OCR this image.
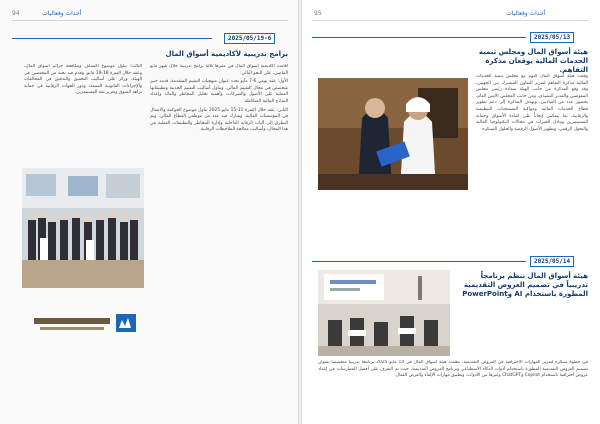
94	أحداث وفعاليات
2025/05/19-6
برامج تدريبية لأكاديمية أسواق المال

أقامت أكاديمية أسواق المال في مقرها ثلاثة برامج تدريبية خلال شهر مايو الماضي، على النحو التالي:

الأول: عقد يومي 6-7 مايو تحت عنوان منهجيات التقييم المتقدمة، قدمه خبير متخصص في مجال التقييم المالي، وتناول أساليب التقييم الحديثة وتطبيقاتها العملية على الأصول والشركات، وأهمية تحليل المخاطر والعائد وإعداد النماذج المالية المتكاملة.

الثاني: عقد خلال الفترة 11-15 مايو 2025 تناول موضوع الحوكمة والامتثال في المؤسسات المالية، وشارك فيه عدد من موظفي القطاع المالي، وتم التطرق إلى آليات الرقابة الداخلية وإدارة المخاطر والتطبيقات العملية في هذا المجال، وأساليب معالجة الملاحظات الرقابية.

الثالث: تناول موضوع اكتشاف ومكافحة جرائم أسواق المال، وعقد خلال الفترة 18-19 مايو، وقدم فيه نخبة من المختصين في الهيئة، وركز على أساليب التحقيق والتدقيق في المخالفات والإجراءات القانونية المتبعة، ودور الجهات الرقابية في حماية نزاهة السوق وتعزيز ثقة المستثمرين.

أحداث وفعاليات
95
2025/05/13
هيئة أسواق المال ومجلس تنمية الخدمات المالية يوقعان مذكرة التفاهم.
وقعت هيئة أسواق المال اليوم مع مجلس تنمية الخدمات المالية مذكرة التفاهم لتعزيز التعاون المشترك بين الجهتين، وقد وقع المذكرة من جانب الهيئة سعادة رئيس مجلس المفوضين والمدير التنفيذي، ومن جانب المجلس الأمين العام، بحضور عدد من القياديين. وتهدف المذكرة إلى دعم تطوير قطاع الخدمات المالية ومواكبة المستجدات التنظيمية والرقابية، بما ينعكس إيجاباً على كفاءة الأسواق وحماية المستثمرين وتبادل الخبرات في مجالات التكنولوجيا المالية والتحول الرقمي، وتطوير الأصول الرقمية والحلول المبتكرة.
2025/05/14
هيئة أسواق المال تنظم برنامجاً تدريبياً في تصميم العروض التقديمية المطورة باستخدام AI وPowerPoint
في خطوة مبتكرة لتعزيز المهارات الاحترافية في العروض التقديمية، نظمت هيئة أسواق المال في 14 مايو 2025 برنامجاً تدريبياً متخصصاً بعنوان تصميم العروض التقديمية المطورة باستخدام أدوات الذكاء الاصطناعي وبرنامج العروض التقديمية، حيث تم التعرف على أفضل الممارسات في إعداد عروض احترافية باستخدام Copilot وChatGPT وغيرها من الأدوات، وتطبيق مهارات الإلقاء والعرض الفعال.
